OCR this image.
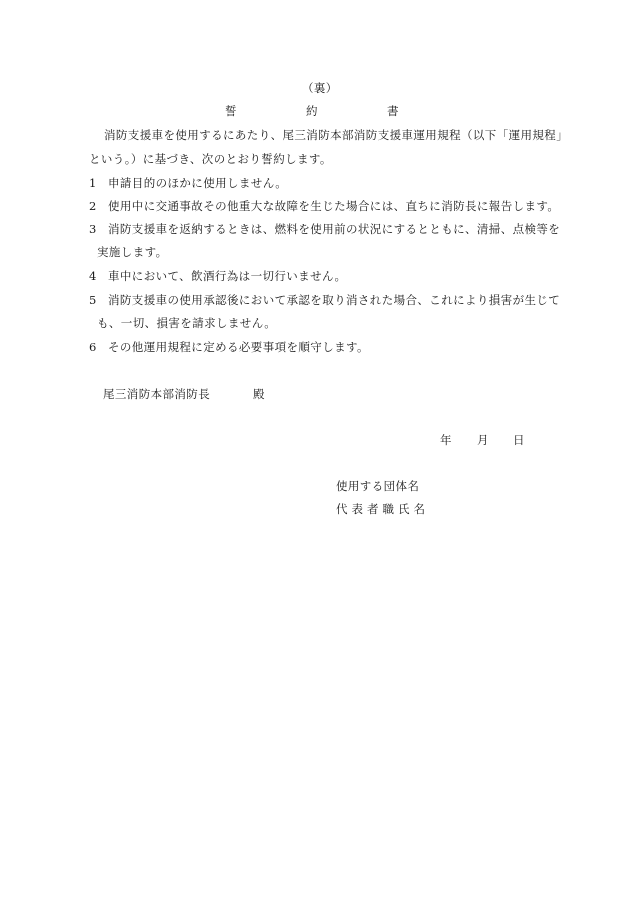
（裏）
誓	約	書
消防支援車を使用するにあたり、尾三消防本部消防支援車運用規程（以下「運用規程」
という。）に基づき、次のとおり誓約します。
1 申請目的のほかに使用しません。
2 使用中に交通事故その他重大な故障を生じた場合には、直ちに消防長に報告します。
3 消防支援車を返納するときは、燃料を使用前の状況にするとともに、清掃、点検等を
実施します。
4 車中において、飲酒行為は一切行いません。
5 消防支援車の使用承認後において承認を取り消された場合、これにより損害が生じて
も、一切、損害を請求しません。
6 その他運用規程に定める必要事項を順守します。
尾三消防本部消防長	殿
年 月 日
使用する団体名
代表者職氏名
